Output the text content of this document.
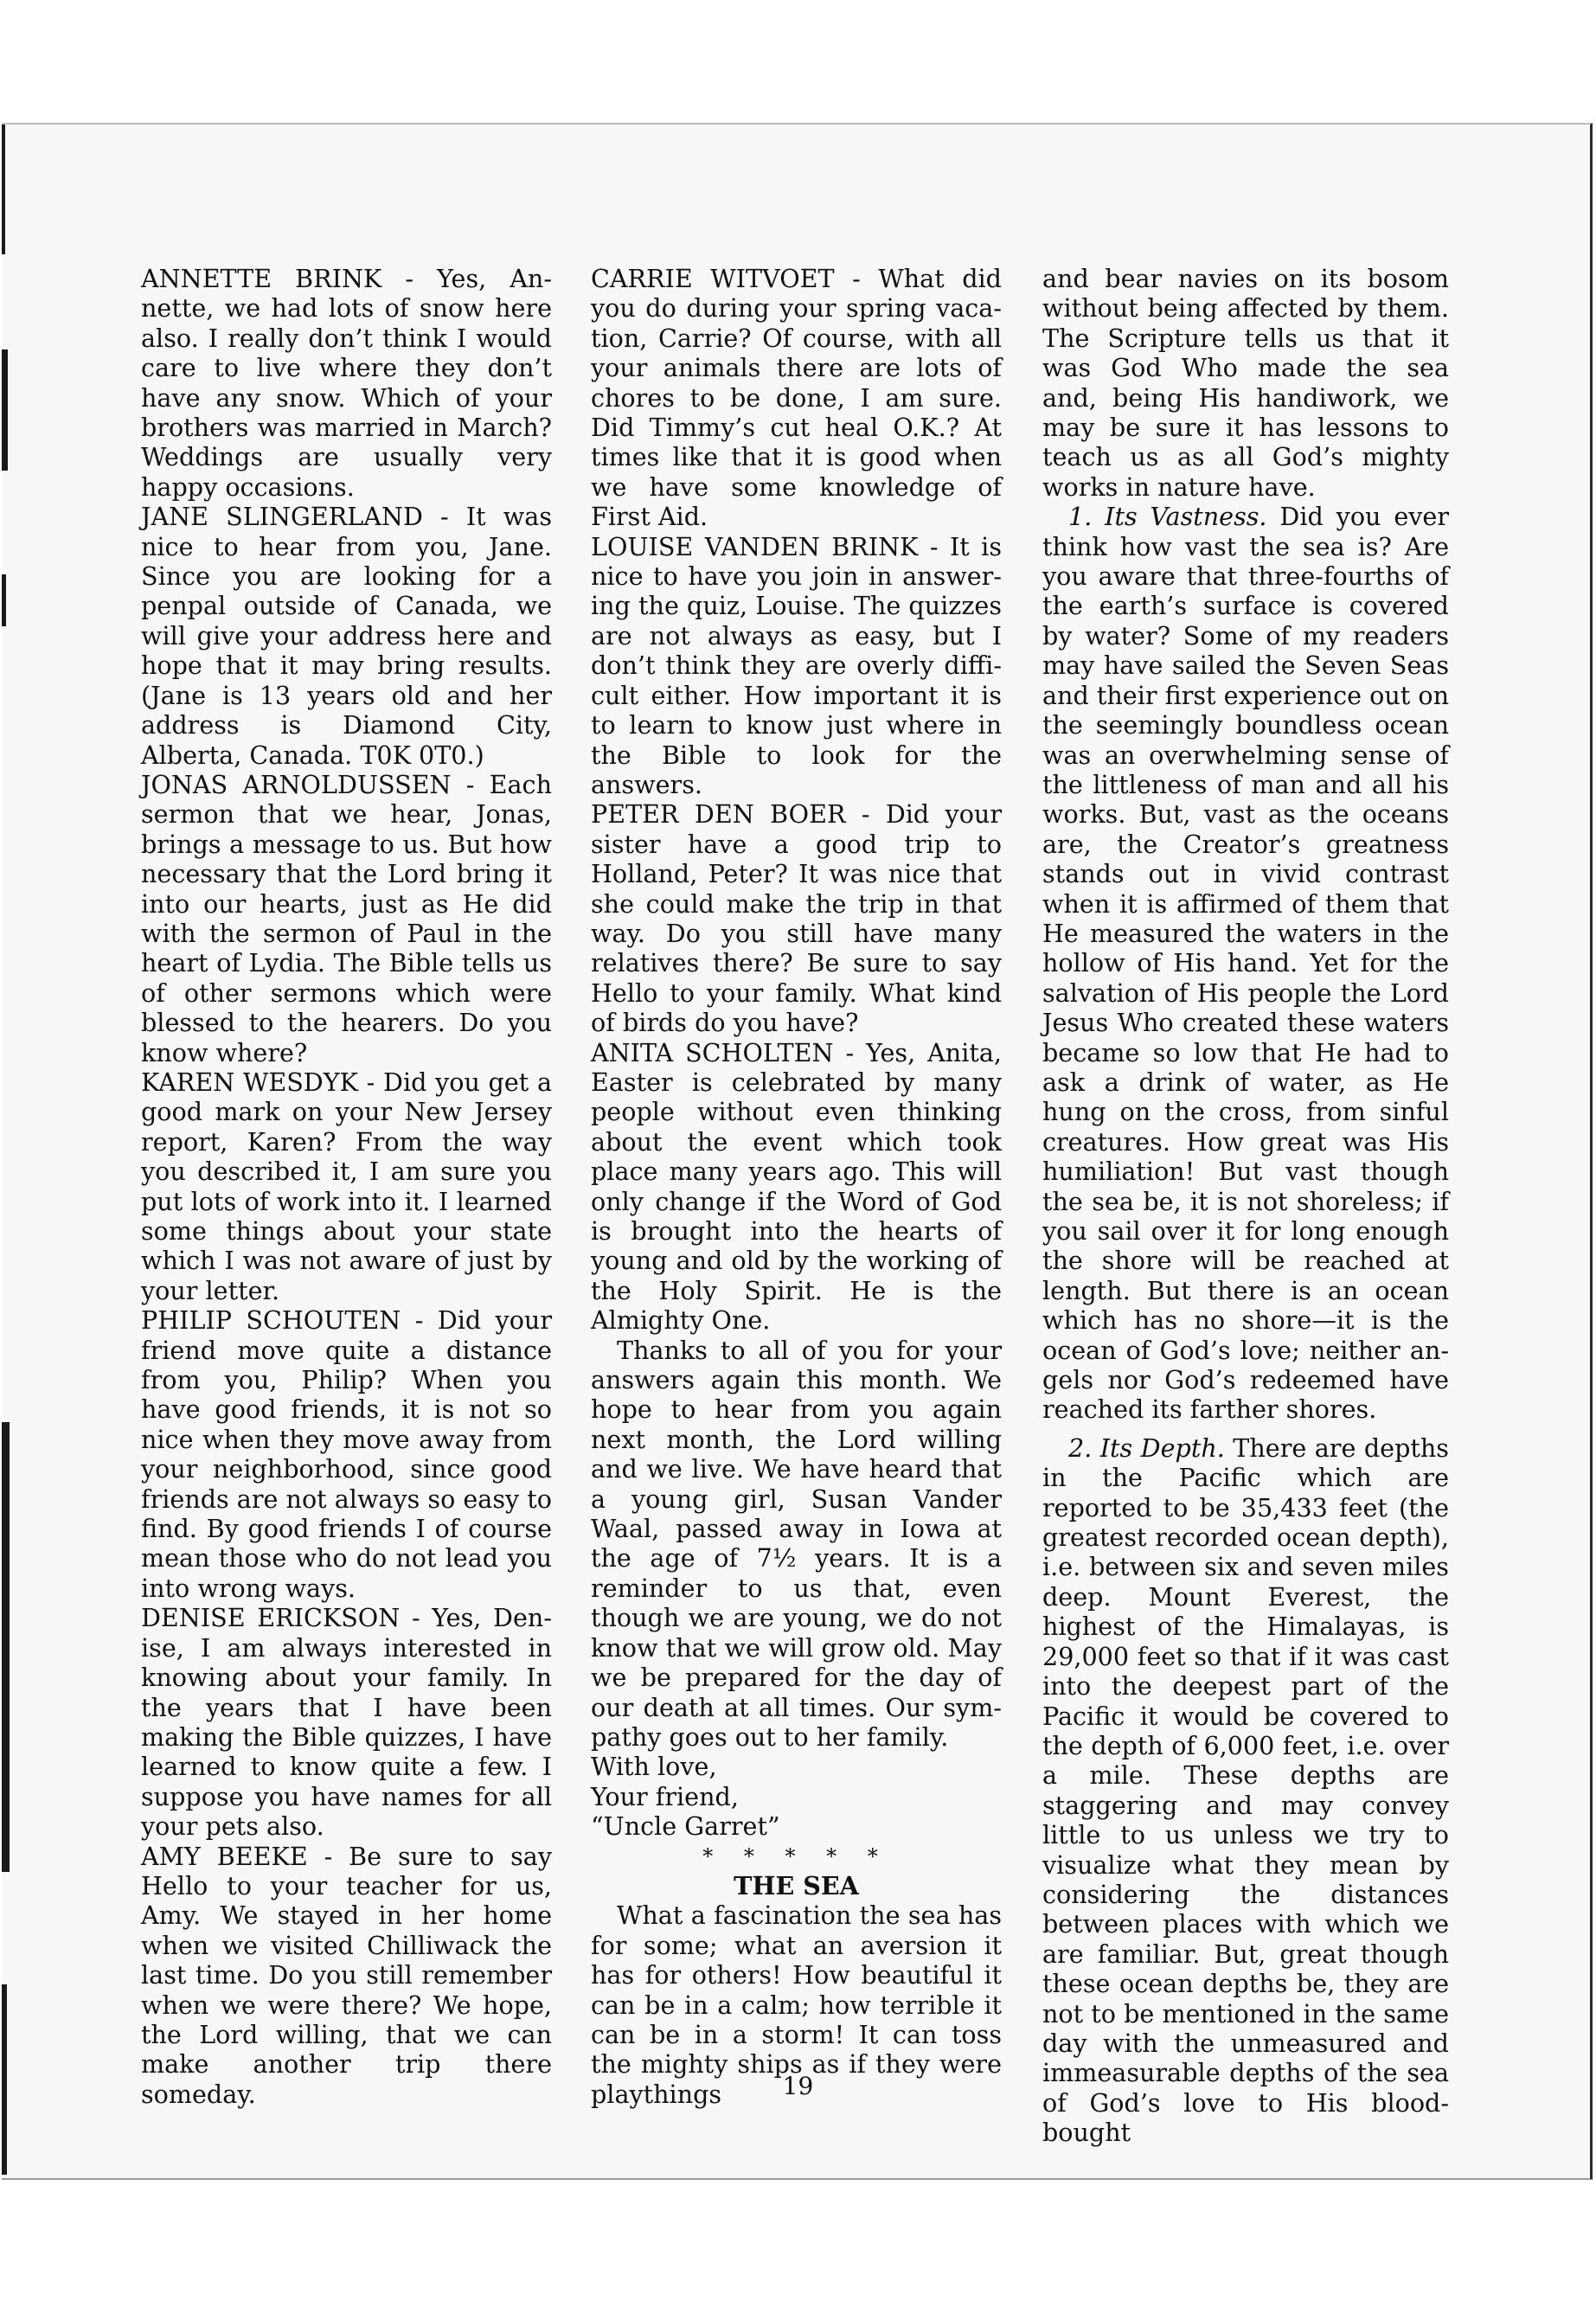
ANNETTE BRINK - Yes, Annette, we had lots of snow here also. I really don’t think I would care to live where they don’t have any snow. Which of your brothers was married in March? Weddings are usually very happy occasions.

JANE SLINGERLAND - It was nice to hear from you, Jane. Since you are looking for a penpal outside of Canada, we will give your address here and hope that it may bring results. (Jane is 13 years old and her address is Diamond City, Alberta, Canada. T0K 0T0.)

JONAS ARNOLDUSSEN - Each sermon that we hear, Jonas, brings a message to us. But how necessary that the Lord bring it into our hearts, just as He did with the sermon of Paul in the heart of Lydia. The Bible tells us of other sermons which were blessed to the hearers. Do you know where?

KAREN WESDYK - Did you get a good mark on your New Jersey report, Karen? From the way you described it, I am sure you put lots of work into it. I learned some things about your state which I was not aware of just by your letter.

PHILIP SCHOUTEN - Did your friend move quite a distance from you, Philip? When you have good friends, it is not so nice when they move away from your neighborhood, since good friends are not always so easy to find. By good friends I of course mean those who do not lead you into wrong ways.

DENISE ERICKSON - Yes, Denise, I am always interested in knowing about your family. In the years that I have been making the Bible quizzes, I have learned to know quite a few. I suppose you have names for all your pets also.

AMY BEEKE - Be sure to say Hello to your teacher for us, Amy. We stayed in her home when we visited Chilliwack the last time. Do you still remember when we were there? We hope, the Lord willing, that we can make another trip there someday.

CARRIE WITVOET - What did you do during your spring vacation, Carrie? Of course, with all your animals there are lots of chores to be done, I am sure. Did Timmy’s cut heal O.K.? At times like that it is good when we have some knowledge of First Aid.

LOUISE VANDEN BRINK - It is nice to have you join in answering the quiz, Louise. The quizzes are not always as easy, but I don’t think they are overly difficult either. How important it is to learn to know just where in the Bible to look for the answers.

PETER DEN BOER - Did your sister have a good trip to Holland, Peter? It was nice that she could make the trip in that way. Do you still have many relatives there? Be sure to say Hello to your family. What kind of birds do you have?

ANITA SCHOLTEN - Yes, Anita, Easter is celebrated by many people without even thinking about the event which took place many years ago. This will only change if the Word of God is brought into the hearts of young and old by the working of the Holy Spirit. He is the Almighty One.

Thanks to all of you for your answers again this month. We hope to hear from you again next month, the Lord willing and we live. We have heard that a young girl, Susan Vander Waal, passed away in Iowa at the age of 7½ years. It is a reminder to us that, even though we are young, we do not know that we will grow old. May we be prepared for the day of our death at all times. Our sympathy goes out to her family.

With love,

Your friend,

“Uncle Garret”

* * * * *

THE SEA

What a fascination the sea has for some; what an aversion it has for others! How beautiful it can be in a calm; how terrible it can be in a storm! It can toss the mighty ships as if they were playthings

and bear navies on its bosom without being affected by them. The Scripture tells us that it was God Who made the sea and, being His handiwork, we may be sure it has lessons to teach us as all God’s mighty works in nature have.

1. Its Vastness. Did you ever think how vast the sea is? Are you aware that three-fourths of the earth’s surface is covered by water? Some of my readers may have sailed the Seven Seas and their first experience out on the seemingly boundless ocean was an overwhelming sense of the littleness of man and all his works. But, vast as the oceans are, the Creator’s greatness stands out in vivid contrast when it is affirmed of them that He measured the waters in the hollow of His hand. Yet for the salvation of His people the Lord Jesus Who created these waters became so low that He had to ask a drink of water, as He hung on the cross, from sinful creatures. How great was His humiliation! But vast though the sea be, it is not shoreless; if you sail over it for long enough the shore will be reached at length. But there is an ocean which has no shore—it is the ocean of God’s love; neither angels nor God’s redeemed have reached its farther shores.

2. Its Depth. There are depths in the Pacific which are reported to be 35,433 feet (the greatest recorded ocean depth), i.e. between six and seven miles deep. Mount Everest, the highest of the Himalayas, is 29,000 feet so that if it was cast into the deepest part of the Pacific it would be covered to the depth of 6,000 feet, i.e. over a mile. These depths are staggering and may convey little to us unless we try to visualize what they mean by considering the distances between places with which we are familiar. But, great though these ocean depths be, they are not to be mentioned in the same day with the unmeasured and immeasurable depths of the sea of God’s love to His blood-bought

19
